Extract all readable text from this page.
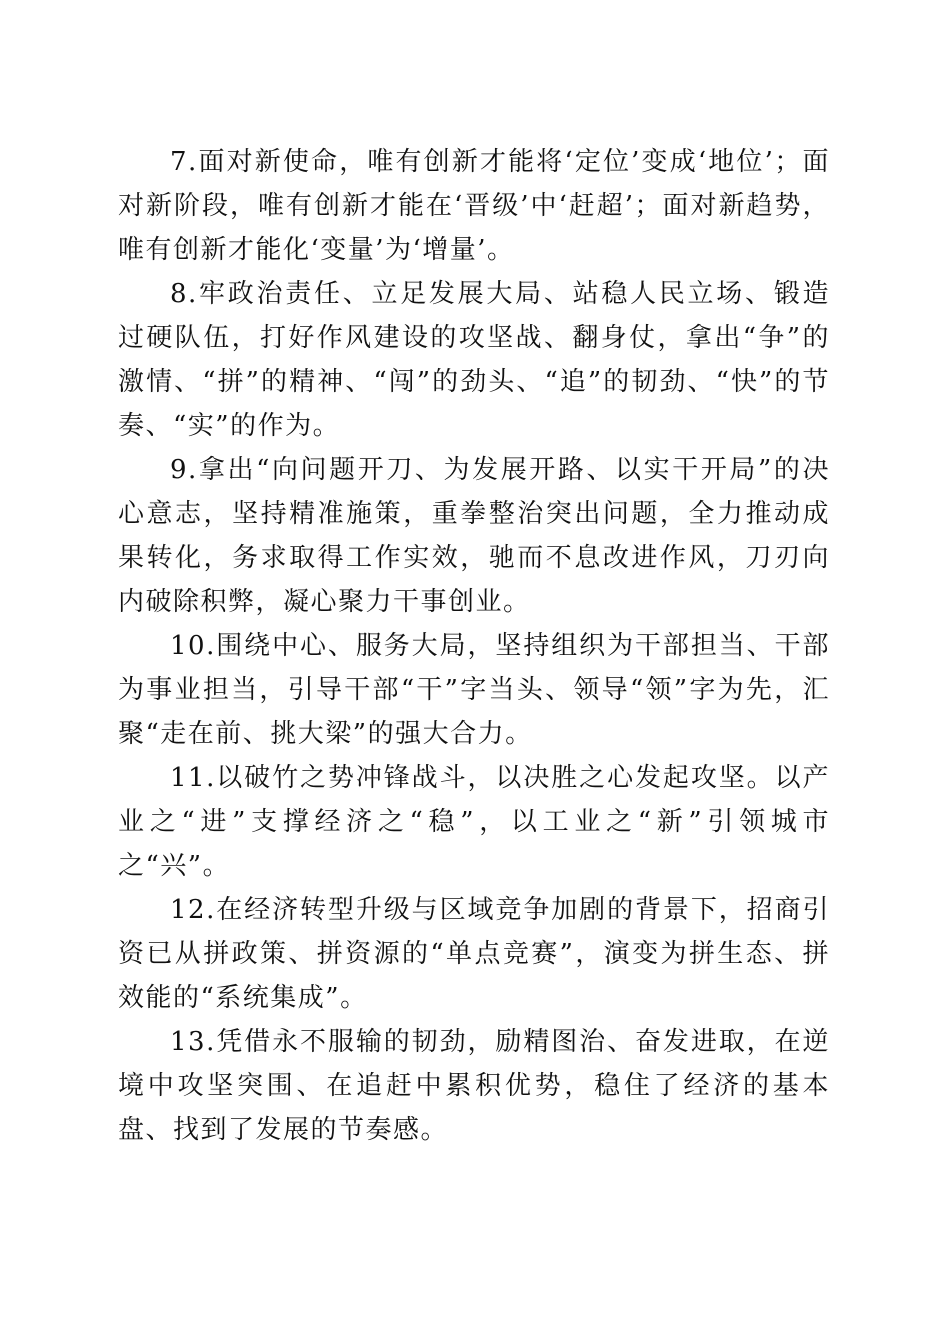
7.面对新使命，唯有创新才能将‘定位’变成‘地位’；面对新阶段，唯有创新才能在‘晋级’中‘赶超’；面对新趋势，唯有创新才能化‘变量’为‘增量’。

8.牢政治责任、立足发展大局、站稳人民立场、锻造过硬队伍，打好作风建设的攻坚战、翻身仗，拿出“争”的激情、“拼”的精神、“闯”的劲头、“追”的韧劲、“快”的节奏、“实”的作为。

9.拿出“向问题开刀、为发展开路、以实干开局”的决心意志，坚持精准施策，重拳整治突出问题，全力推动成果转化，务求取得工作实效，驰而不息改进作风，刀刃向内破除积弊，凝心聚力干事创业。

10.围绕中心、服务大局，坚持组织为干部担当、干部为事业担当，引导干部“干”字当头、领导“领”字为先，汇聚“走在前、挑大梁”的强大合力。

11.以破竹之势冲锋战斗，以决胜之心发起攻坚。以产业之“进”支撑经济之“稳”，以工业之“新”引领城市之“兴”。

12.在经济转型升级与区域竞争加剧的背景下，招商引资已从拼政策、拼资源的“单点竞赛”，演变为拼生态、拼效能的“系统集成”。

13.凭借永不服输的韧劲，励精图治、奋发进取，在逆境中攻坚突围、在追赶中累积优势，稳住了经济的基本盘、找到了发展的节奏感。
